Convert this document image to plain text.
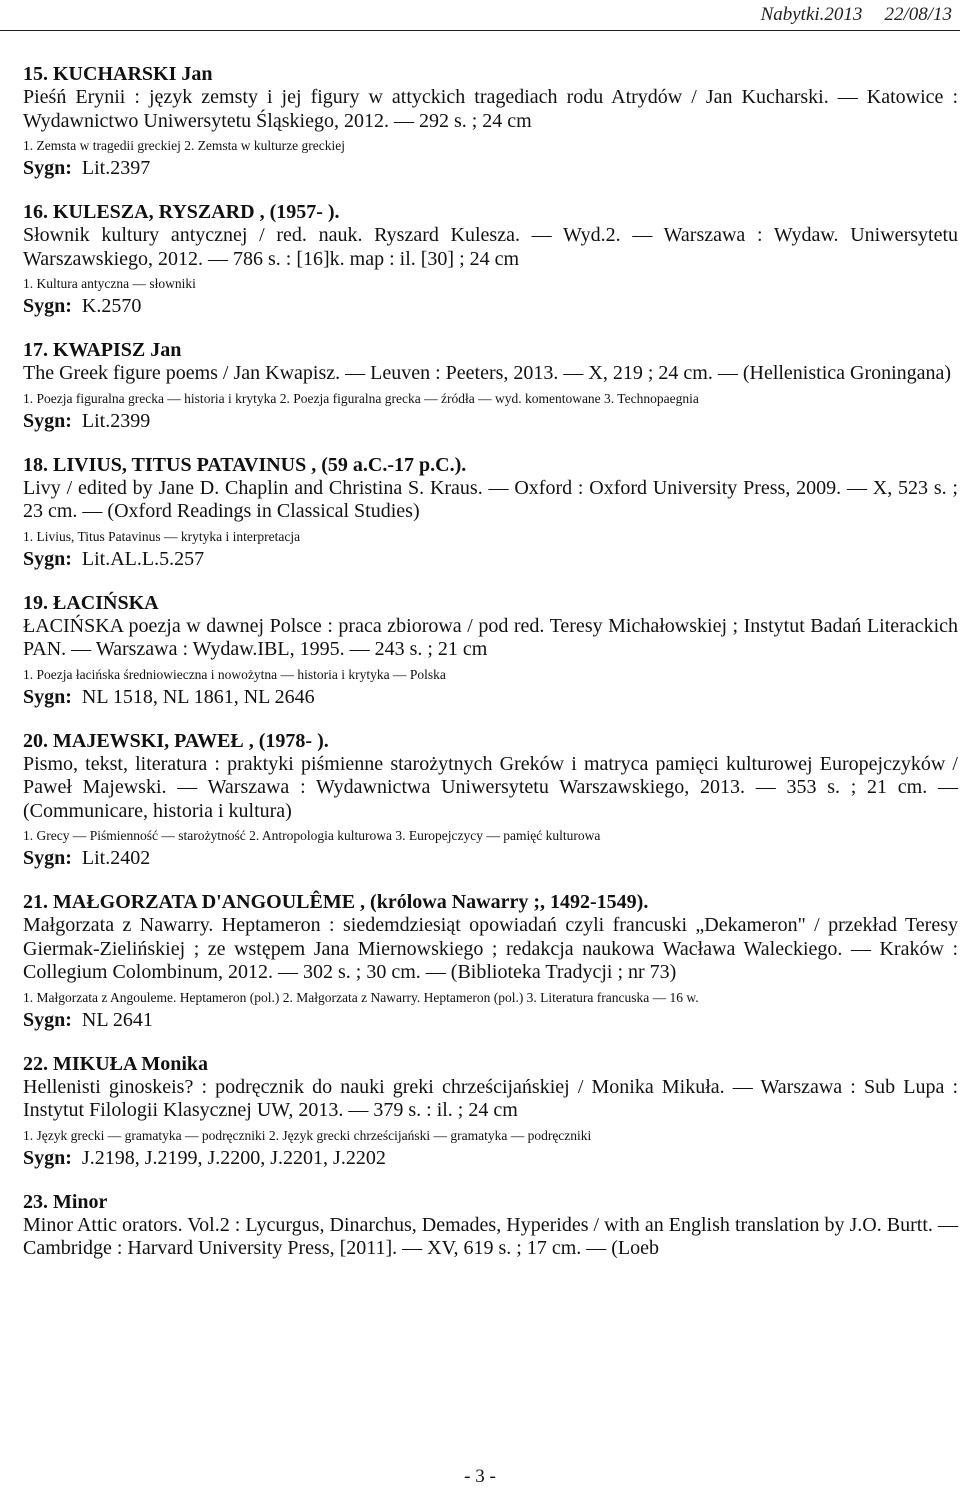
Nabytki.2013 22/08/13
15. KUCHARSKI Jan
Pieśń Erynii : język zemsty i jej figury w attyckich tragediach rodu Atrydów / Jan Kucharski. — Katowice : Wydawnictwo Uniwersytetu Śląskiego, 2012. — 292 s. ; 24 cm
1. Zemsta w tragedii greckiej 2. Zemsta w kulturze greckiej
Sygn: Lit.2397
16. KULESZA, RYSZARD , (1957- ).
Słownik kultury antycznej / red. nauk. Ryszard Kulesza. — Wyd.2. — Warszawa : Wydaw. Uniwersytetu Warszawskiego, 2012. — 786 s. : [16]k. map : il. [30] ; 24 cm
1. Kultura antyczna — słowniki
Sygn: K.2570
17. KWAPISZ Jan
The Greek figure poems / Jan Kwapisz. — Leuven : Peeters, 2013. — X, 219 ; 24 cm. — (Hellenistica Groningana)
1. Poezja figuralna grecka — historia i krytyka 2. Poezja figuralna grecka — źródła — wyd. komentowane 3. Technopaegnia
Sygn: Lit.2399
18. LIVIUS, TITUS PATAVINUS , (59 a.C.-17 p.C.).
Livy / edited by Jane D. Chaplin and Christina S. Kraus. — Oxford : Oxford University Press, 2009. — X, 523 s. ; 23 cm. — (Oxford Readings in Classical Studies)
1. Livius, Titus Patavinus — krytyka i interpretacja
Sygn: Lit.AL.L.5.257
19. ŁACIŃSKA
ŁACIŃSKA poezja w dawnej Polsce : praca zbiorowa / pod red. Teresy Michałowskiej ; Instytut Badań Literackich PAN. — Warszawa : Wydaw.IBL, 1995. — 243 s. ; 21 cm
1. Poezja łacińska średniowieczna i nowożytna — historia i krytyka — Polska
Sygn: NL 1518, NL 1861, NL 2646
20. MAJEWSKI, PAWEŁ , (1978- ).
Pismo, tekst, literatura : praktyki piśmienne starożytnych Greków i matryca pamięci kulturowej Europejczyków / Paweł Majewski. — Warszawa : Wydawnictwa Uniwersytetu Warszawskiego, 2013. — 353 s. ; 21 cm. — (Communicare, historia i kultura)
1. Grecy — Piśmienność — starożytność 2. Antropologia kulturowa 3. Europejczycy — pamięć kulturowa
Sygn: Lit.2402
21. MAŁGORZATA D'ANGOULÊME , (królowa Nawarry ;, 1492-1549).
Małgorzata z Nawarry. Heptameron : siedemdziesiąt opowiadań czyli francuski „Dekameron" / przekład Teresy Giermak-Zielińskiej ; ze wstępem Jana Miernowskiego ; redakcja naukowa Wacława Waleckiego. — Kraków : Collegium Colombinum, 2012. — 302 s. ; 30 cm. — (Biblioteka Tradycji ; nr 73)
1. Małgorzata z Angouleme. Heptameron (pol.) 2. Małgorzata z Nawarry. Heptameron (pol.) 3. Literatura francuska — 16 w.
Sygn: NL 2641
22. MIKUŁA Monika
Hellenisti ginoskeis? : podręcznik do nauki greki chrześcijańskiej / Monika Mikuła. — Warszawa : Sub Lupa : Instytut Filologii Klasycznej UW, 2013. — 379 s. : il. ; 24 cm
1. Język grecki — gramatyka — podręczniki 2. Język grecki chrześcijański — gramatyka — podręczniki
Sygn: J.2198, J.2199, J.2200, J.2201, J.2202
23. Minor
Minor Attic orators. Vol.2 : Lycurgus, Dinarchus, Demades, Hyperides / with an English translation by J.O. Burtt. — Cambridge : Harvard University Press, [2011]. — XV, 619 s. ; 17 cm. — (Loeb
- 3 -
